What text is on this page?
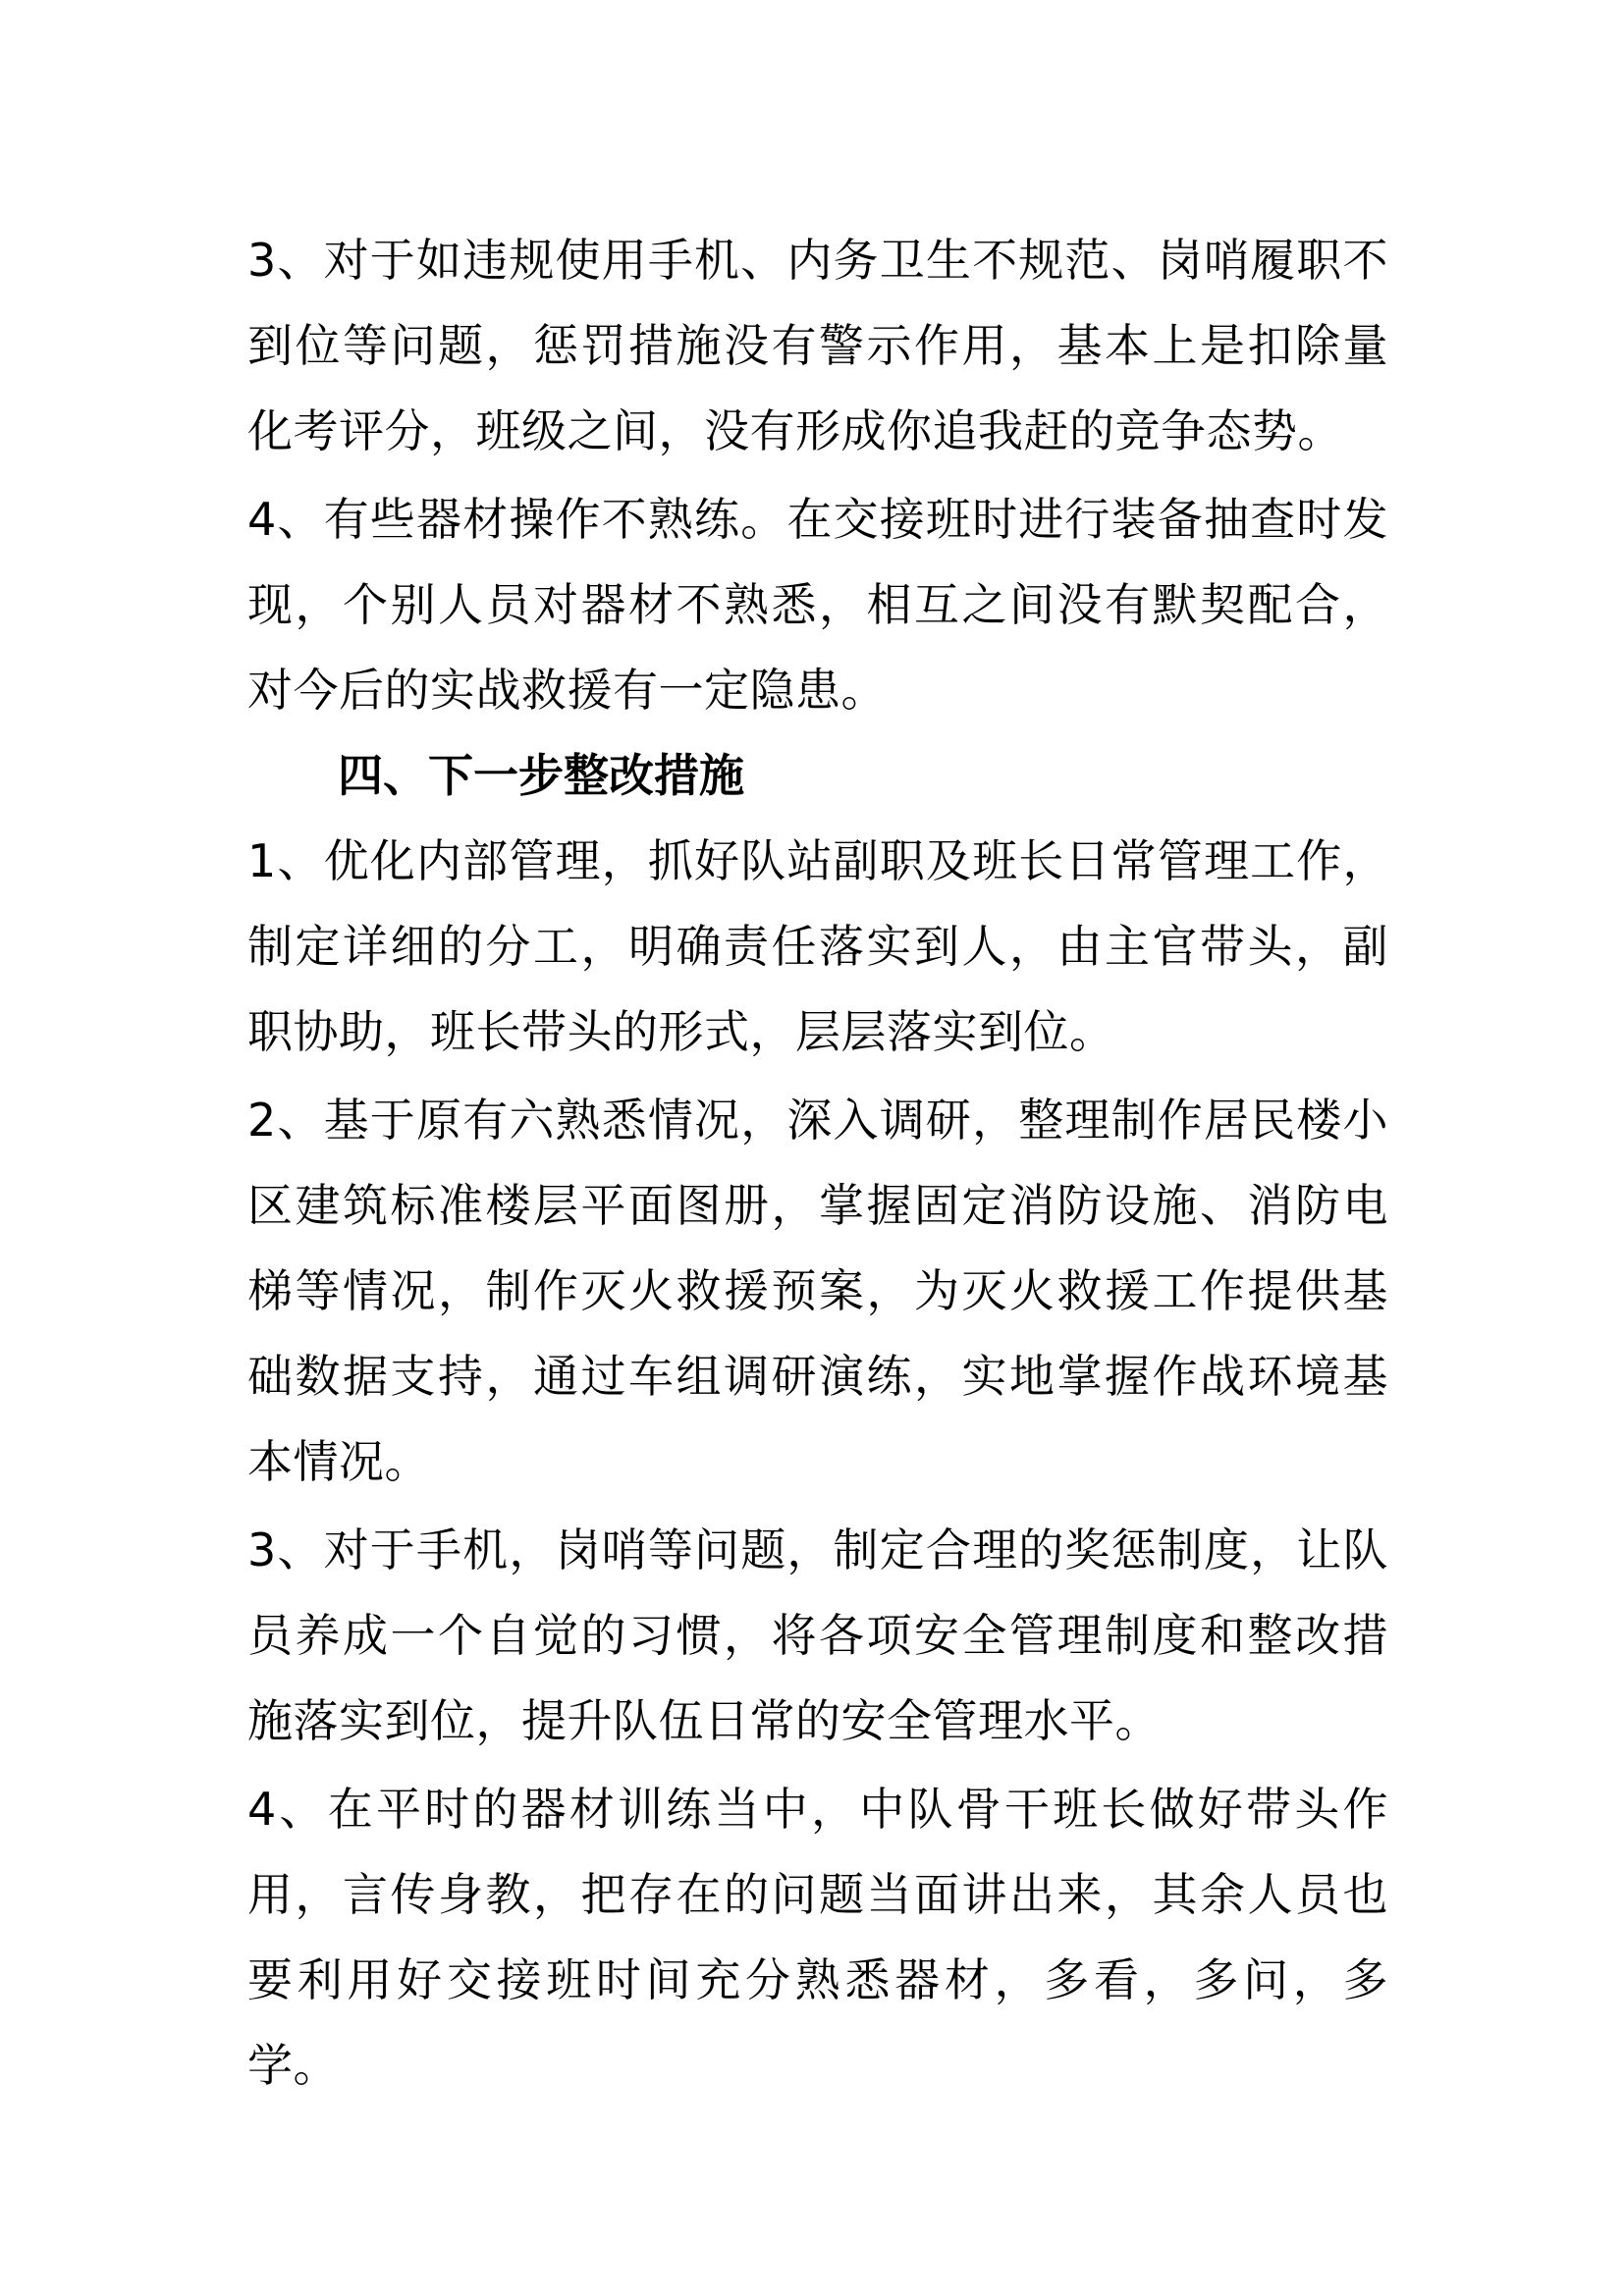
3、对于如违规使用手机、内务卫生不规范、岗哨履职不到位等问题，惩罚措施没有警示作用，基本上是扣除量化考评分，班级之间，没有形成你追我赶的竞争态势。

4、有些器材操作不熟练。在交接班时进行装备抽查时发现，个别人员对器材不熟悉，相互之间没有默契配合，对今后的实战救援有一定隐患。

四、下一步整改措施

1、优化内部管理，抓好队站副职及班长日常管理工作，制定详细的分工，明确责任落实到人，由主官带头，副职协助，班长带头的形式，层层落实到位。

2、基于原有六熟悉情况，深入调研，整理制作居民楼小区建筑标准楼层平面图册，掌握固定消防设施、消防电梯等情况，制作灭火救援预案，为灭火救援工作提供基础数据支持，通过车组调研演练，实地掌握作战环境基本情况。

3、对于手机，岗哨等问题，制定合理的奖惩制度，让队员养成一个自觉的习惯，将各项安全管理制度和整改措施落实到位，提升队伍日常的安全管理水平。

4、在平时的器材训练当中，中队骨干班长做好带头作用，言传身教，把存在的问题当面讲出来，其余人员也要利用好交接班时间充分熟悉器材，多看，多问，多学。
